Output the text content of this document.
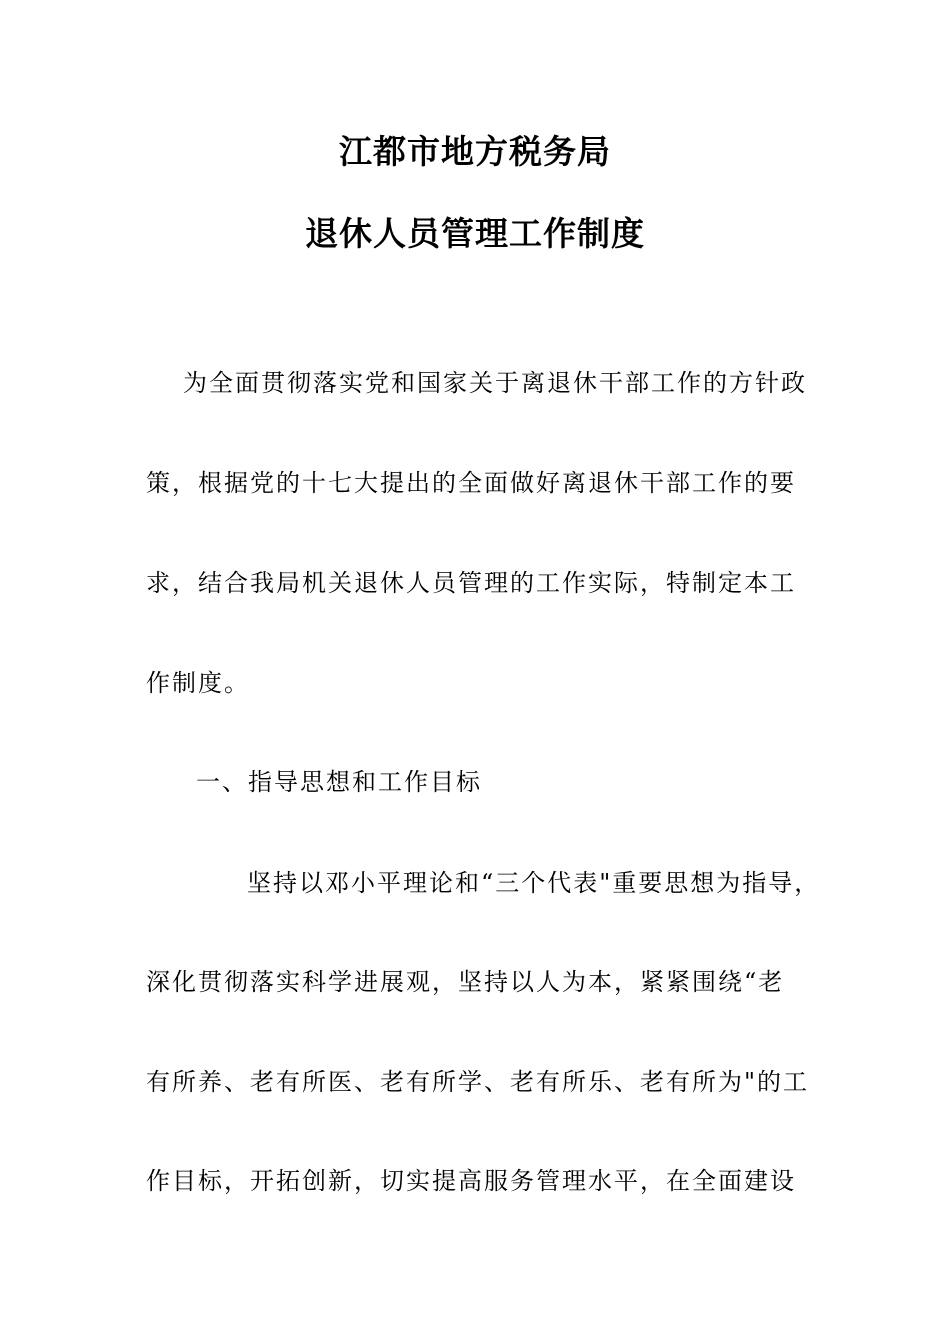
江都市地方税务局
退休人员管理工作制度
为全面贯彻落实党和国家关于离退休干部工作的方针政
策，根据党的十七大提出的全面做好离退休干部工作的要
求，结合我局机关退休人员管理的工作实际，特制定本工
作制度。
一、指导思想和工作目标
坚持以邓小平理论和“三个代表"重要思想为指导，
深化贯彻落实科学进展观，坚持以人为本，紧紧围绕“老
有所养、老有所医、老有所学、老有所乐、老有所为"的工
作目标，开拓创新，切实提高服务管理水平，在全面建设
